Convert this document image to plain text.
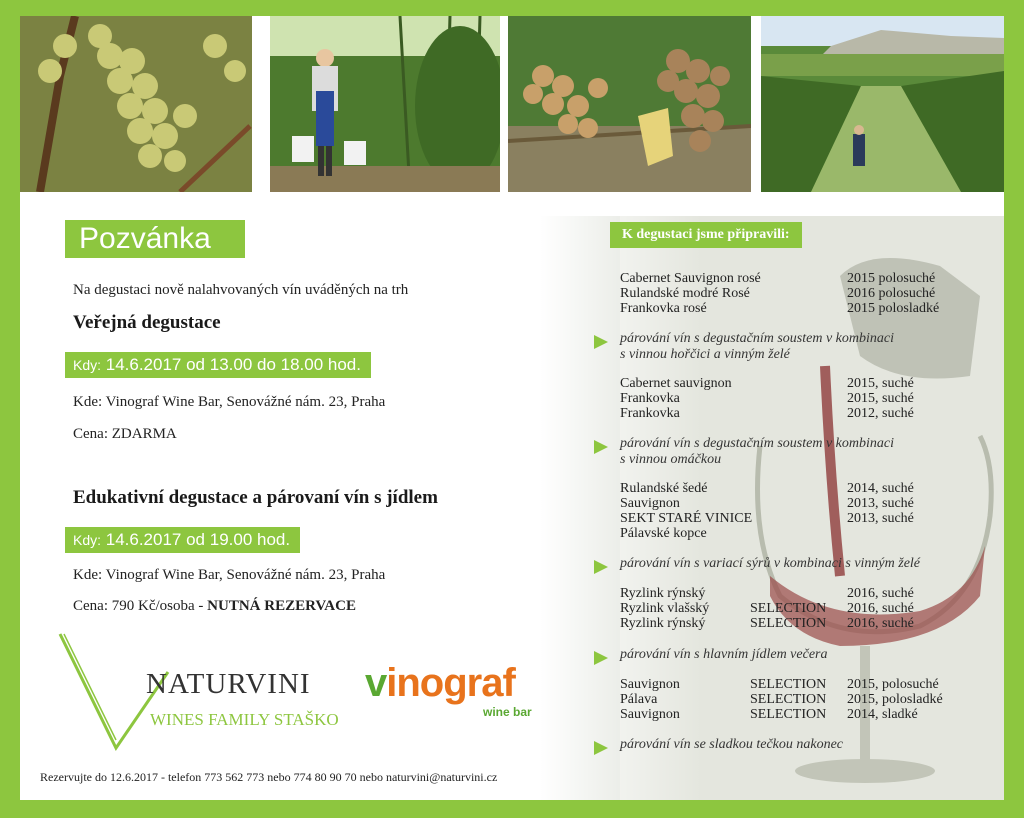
Pozvánka
Na degustaci nově nalahvovaných vín uváděných na trh
Veřejná degustace
Kdy: 14.6.2017 od 13.00 do 18.00 hod.
Kde: Vinograf Wine Bar, Senovážné nám. 23, Praha
Cena: ZDARMA
Edukativní degustace a párovaní vín s jídlem
Kdy: 14.6.2017 od 19.00 hod.
Kde: Vinograf Wine Bar, Senovážné nám. 23, Praha
Cena: 790 Kč/osoba - NUTNÁ REZERVACE
NATURVINI
WINES FAMILY STAŠKO
vinograf
wine bar
Rezervujte do 12.6.2017 - telefon 773 562 773 nebo 774 80 90 70 nebo naturvini@naturvini.cz
K degustaci jsme připravili:
Cabernet Sauvignon rosé	2015 polosuché
Rulandské modré Rosé	2016 polosuché
Frankovka rosé	2015 polosladké
párování vín s degustačním soustem v kombinaci
s vinnou hořčici a vinným želé
Cabernet sauvignon	2015, suché
Frankovka	2015, suché
Frankovka	2012, suché
párování vín s degustačním soustem v kombinaci
s vinnou omáčkou
Rulandské šedé	2014, suché
Sauvignon	2013, suché
SEKT STARÉ VINICE	2013, suché
Pálavské kopce
párování vín s variací sýrů v kombinaci s vinným želé
Ryzlink rýnský	2016, suché
Ryzlink vlašský	SELECTION 2016, suché
Ryzlink rýnský	SELECTION 2016, suché
párování vín s hlavním jídlem večera
Sauvignon	SELECTION 2015, polosuché
Pálava	SELECTION 2015, polosladké
Sauvignon	SELECTION 2014, sladké
párování vín se sladkou tečkou nakonec
